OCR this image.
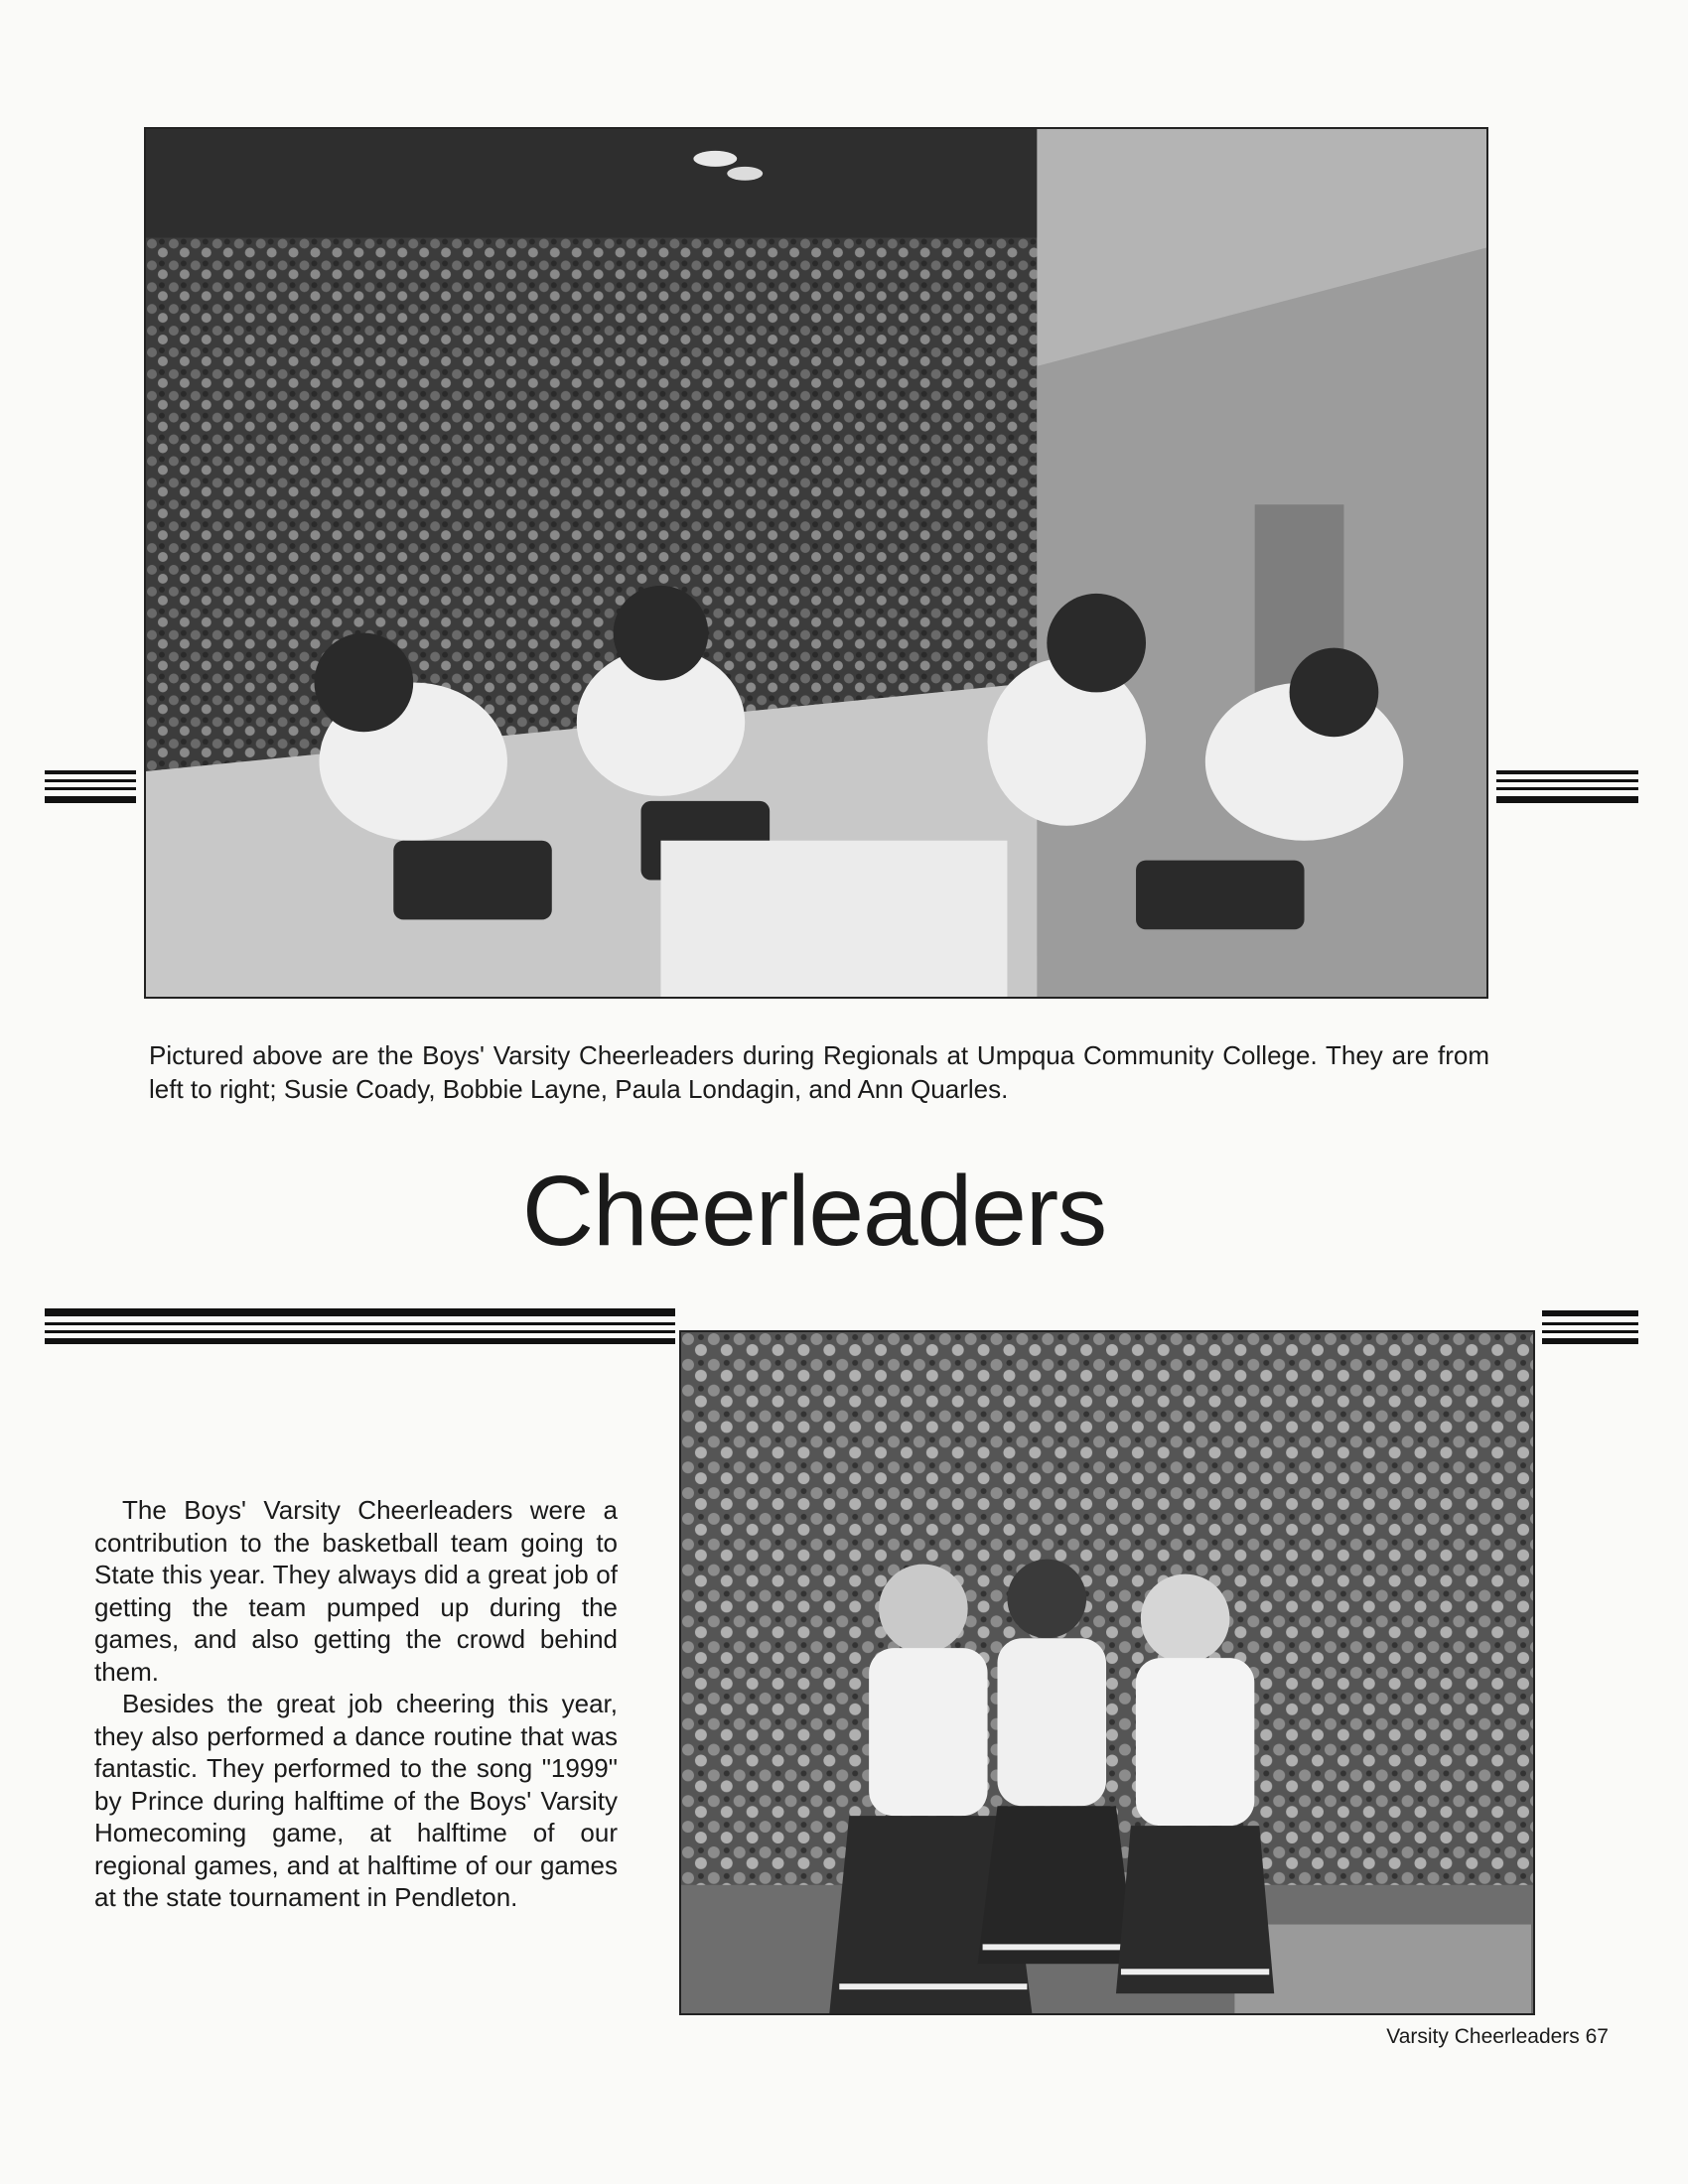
Pictured above are the Boys' Varsity Cheerleaders during Regionals at Umpqua Community College. They are from left to right; Susie Coady, Bobbie Layne, Paula Londagin, and Ann Quarles.
Cheerleaders

The Boys' Varsity Cheerleaders were a contribution to the basketball team going to State this year. They always did a great job of getting the team pumped up during the games, and also getting the crowd behind them.

Besides the great job cheering this year, they also performed a dance routine that was fantastic. They performed to the song "1999" by Prince during halftime of the Boys' Varsity Homecoming game, at halftime of our regional games, and at halftime of our games at the state tournament in Pendleton.

Varsity Cheerleaders 67
